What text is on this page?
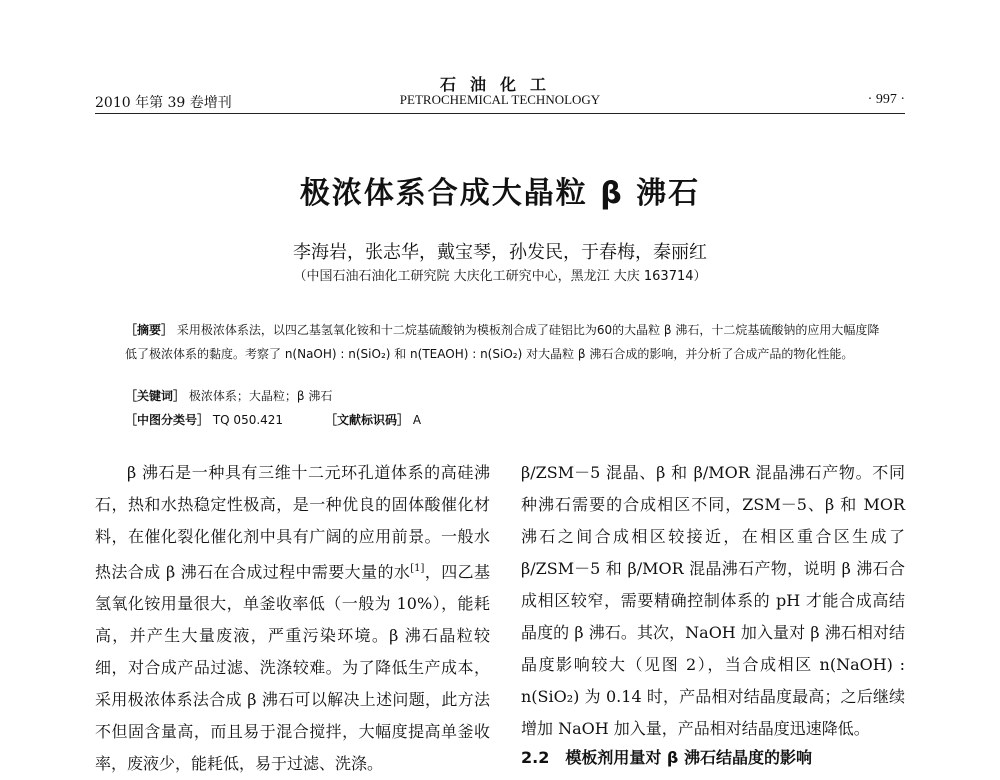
石油化工
2010 年第 39 卷增刊	PETROCHEMICAL TECHNOLOGY	· 997 ·
极浓体系合成大晶粒 β 沸石
李海岩，张志华，戴宝琴，孙发民，于春梅，秦丽红
（中国石油石油化工研究院 大庆化工研究中心，黑龙江 大庆 163714）
［摘要］ 采用极浓体系法，以四乙基氢氧化铵和十二烷基硫酸钠为模板剂合成了硅铝比为60的大晶粒 β 沸石，十二烷基硫酸钠的应用大幅度降低了极浓体系的黏度。考察了 n(NaOH) : n(SiO₂) 和 n(TEAOH) : n(SiO₂) 对大晶粒 β 沸石合成的影响，并分析了合成产品的物化性能。
［关键词］ 极浓体系；大晶粒；β 沸石
［中图分类号］ TQ 050.421	［文献标识码］ A

β 沸石是一种具有三维十二元环孔道体系的高硅沸石，热和水热稳定性极高，是一种优良的固体酸催化材料，在催化裂化催化剂中具有广阔的应用前景。一般水热法合成 β 沸石在合成过程中需要大量的水[1]，四乙基氢氧化铵用量很大，单釜收率低（一般为 10%），能耗高，并产生大量废液，严重污染环境。β 沸石晶粒较细，对合成产品过滤、洗涤较难。为了降低生产成本，采用极浓体系法合成 β 沸石可以解决上述问题，此方法不但固含量高，而且易于混合搅拌，大幅度提高单釜收率，废液少，能耗低，易于过滤、洗涤。

β/ZSM－5 混晶、β 和 β/MOR 混晶沸石产物。不同种沸石需要的合成相区不同，ZSM－5、β 和 MOR 沸石之间合成相区较接近，在相区重合区生成了 β/ZSM－5 和 β/MOR 混晶沸石产物，说明 β 沸石合成相区较窄，需要精确控制体系的 pH 才能合成高结晶度的 β 沸石。其次，NaOH 加入量对 β 沸石相对结晶度影响较大（见图 2），当合成相区 n(NaOH) : n(SiO₂) 为 0.14 时，产品相对结晶度最高；之后继续增加 NaOH 加入量，产品相对结晶度迅速降低。

2.2　模板剂用量对 β 沸石结晶度的影响
